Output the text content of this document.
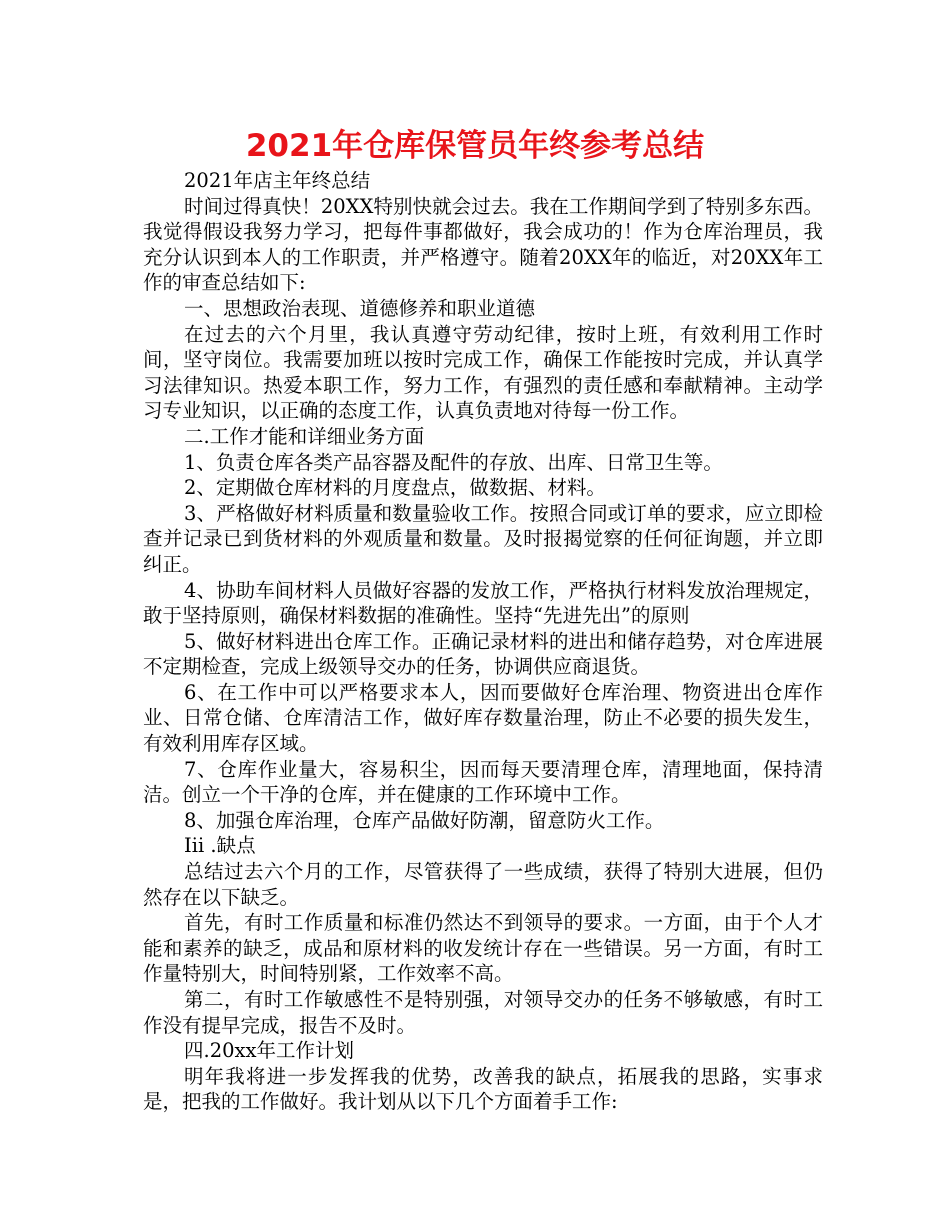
2021年仓库保管员年终参考总结

2021年店主年终总结

时间过得真快！20XX特别快就会过去。我在工作期间学到了特别多东西。我觉得假设我努力学习，把每件事都做好，我会成功的！作为仓库治理员，我充分认识到本人的工作职责，并严格遵守。随着20XX年的临近，对20XX年工作的审查总结如下:

一、思想政治表现、道德修养和职业道德

在过去的六个月里，我认真遵守劳动纪律，按时上班，有效利用工作时间，坚守岗位。我需要加班以按时完成工作，确保工作能按时完成，并认真学习法律知识。热爱本职工作，努力工作，有强烈的责任感和奉献精神。主动学习专业知识，以正确的态度工作，认真负责地对待每一份工作。

二.工作才能和详细业务方面

1、负责仓库各类产品容器及配件的存放、出库、日常卫生等。

2、定期做仓库材料的月度盘点，做数据、材料。

3、严格做好材料质量和数量验收工作。按照合同或订单的要求，应立即检查并记录已到货材料的外观质量和数量。及时报揭觉察的任何征询题，并立即纠正。

4、协助车间材料人员做好容器的发放工作，严格执行材料发放治理规定，敢于坚持原则，确保材料数据的准确性。坚持“先进先出”的原则

5、做好材料进出仓库工作。正确记录材料的进出和储存趋势，对仓库进展不定期检查，完成上级领导交办的任务，协调供应商退货。

6、在工作中可以严格要求本人，因而要做好仓库治理、物资进出仓库作业、日常仓储、仓库清洁工作，做好库存数量治理，防止不必要的损失发生，有效利用库存区域。

7、仓库作业量大，容易积尘，因而每天要清理仓库，清理地面，保持清洁。创立一个干净的仓库，并在健康的工作环境中工作。

8、加强仓库治理，仓库产品做好防潮，留意防火工作。

Iii .缺点

总结过去六个月的工作，尽管获得了一些成绩，获得了特别大进展，但仍然存在以下缺乏。

首先，有时工作质量和标准仍然达不到领导的要求。一方面，由于个人才能和素养的缺乏，成品和原材料的收发统计存在一些错误。另一方面，有时工作量特别大，时间特别紧，工作效率不高。

第二，有时工作敏感性不是特别强，对领导交办的任务不够敏感，有时工作没有提早完成，报告不及时。

四.20xx年工作计划

明年我将进一步发挥我的优势，改善我的缺点，拓展我的思路，实事求是，把我的工作做好。我计划从以下几个方面着手工作:
